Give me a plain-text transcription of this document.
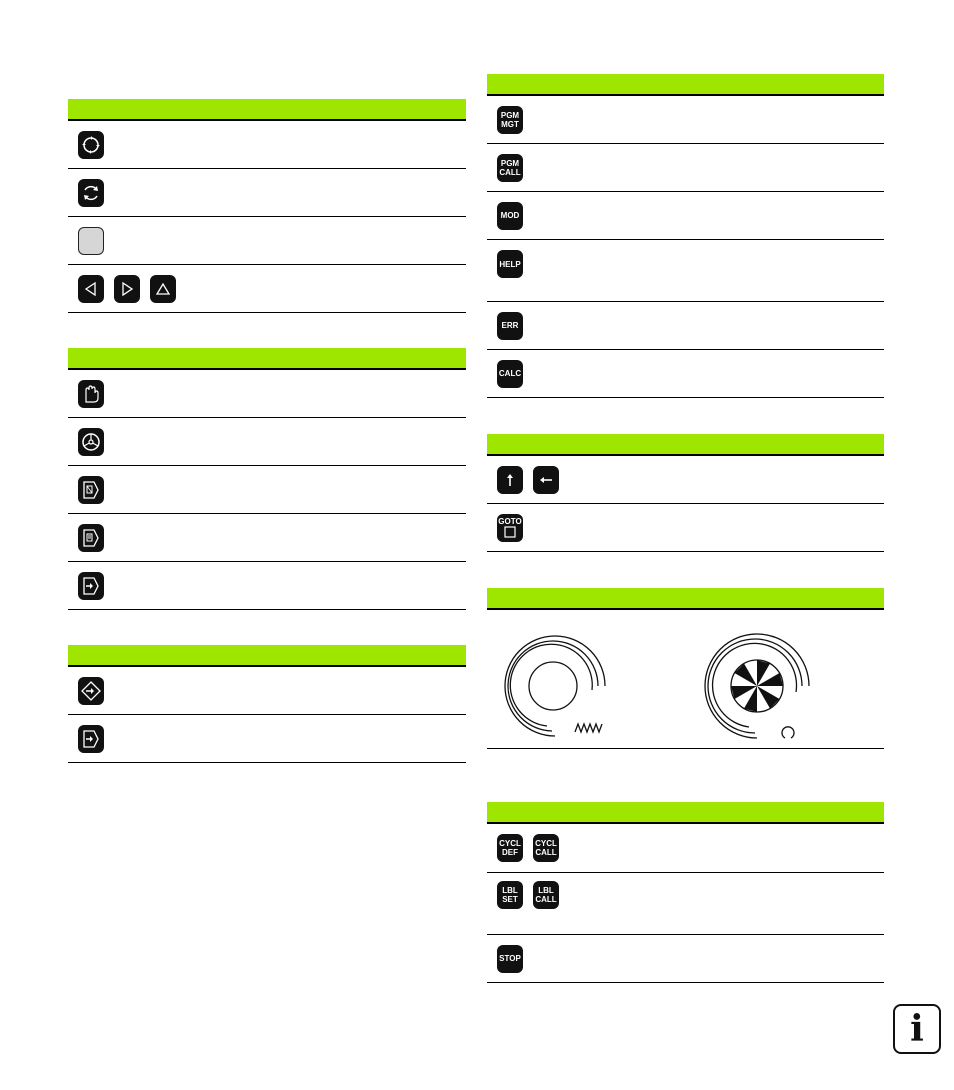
PGM
MGT
PGM
CALL
MOD
HELP
ERR
CALC
GOTO
CYCL
DEF
CYCL
CALL
LBL
SET
LBL
CALL
STOP
i
